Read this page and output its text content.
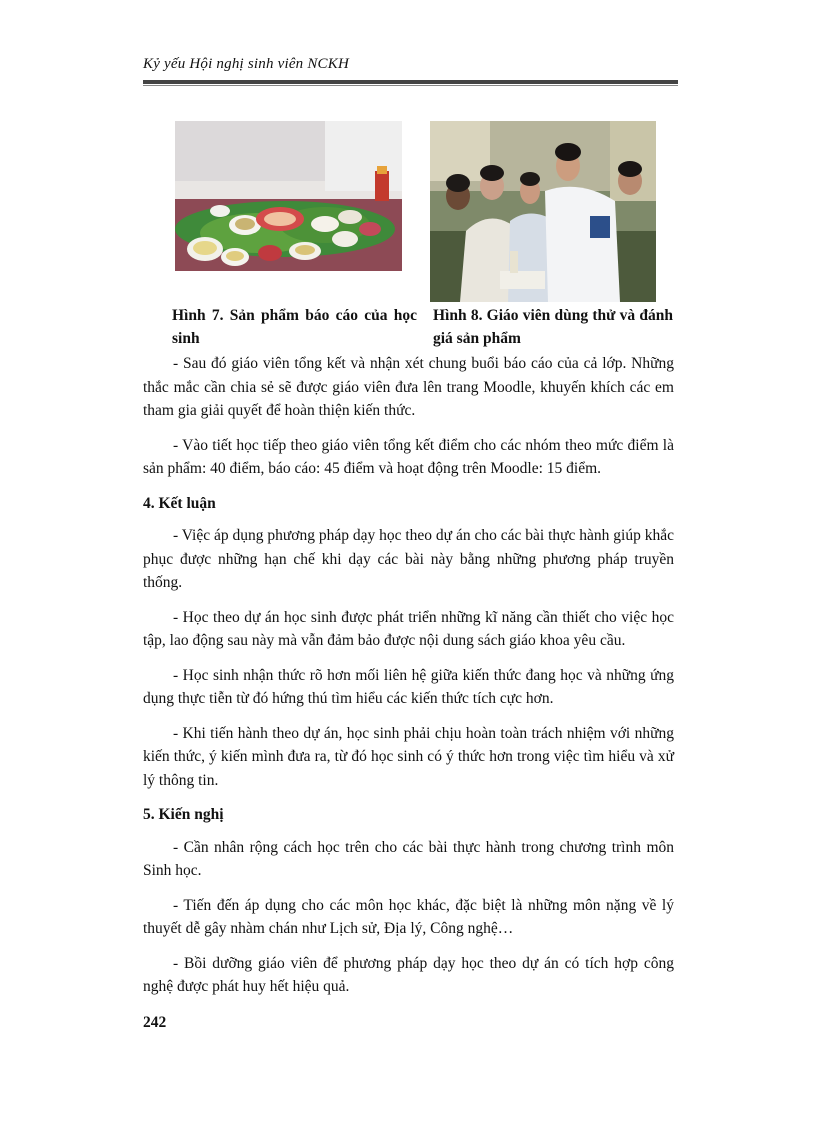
Kỷ yếu Hội nghị sinh viên NCKH
Hình 7. Sản phẩm báo cáo của học sinh
Hình 8. Giáo viên dùng thử và đánh giá sản phẩm

- Sau đó giáo viên tổng kết và nhận xét chung buổi báo cáo của cả lớp. Những thắc mắc cần chia sẻ sẽ được giáo viên đưa lên trang Moodle, khuyến khích các em tham gia giải quyết để hoàn thiện kiến thức.

- Vào tiết học tiếp theo giáo viên tổng kết điểm cho các nhóm theo mức điểm là sản phẩm: 40 điểm, báo cáo: 45 điểm và hoạt động trên Moodle: 15 điểm.

4. Kết luận

- Việc áp dụng phương pháp dạy học theo dự án cho các bài thực hành giúp khắc phục được những hạn chế khi dạy các bài này bằng những phương pháp truyền thống.

- Học theo dự án học sinh được phát triển những kĩ năng cần thiết cho việc học tập, lao động sau này mà vẫn đảm bảo được nội dung sách giáo khoa yêu cầu.

- Học sinh nhận thức rõ hơn mối liên hệ giữa kiến thức đang học và những ứng dụng thực tiễn từ đó hứng thú tìm hiểu các kiến thức tích cực hơn.

- Khi tiến hành theo dự án, học sinh phải chịu hoàn toàn trách nhiệm với những kiến thức, ý kiến mình đưa ra, từ đó học sinh có ý thức hơn trong việc tìm hiểu và xử lý thông tin.

5. Kiến nghị

- Cần nhân rộng cách học trên cho các bài thực hành trong chương trình môn Sinh học.

- Tiến đến áp dụng cho các môn học khác, đặc biệt là những môn nặng về lý thuyết dễ gây nhàm chán như Lịch sử, Địa lý, Công nghệ…

- Bồi dưỡng giáo viên để phương pháp dạy học theo dự án có tích hợp công nghệ được phát huy hết hiệu quả.

242
